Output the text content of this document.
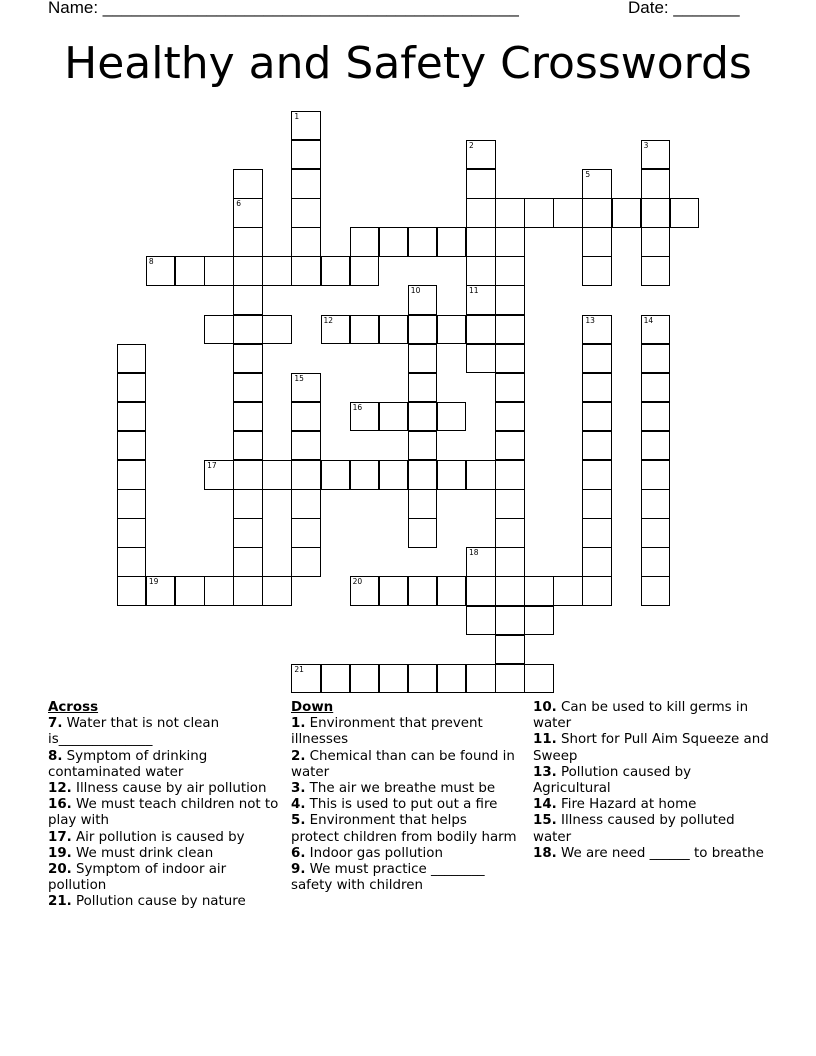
Name: ____________________________________________	Date: _______
Healthy and Safety Crosswords
1
12
19
8
6
2
11
3
10
16
5
13	14
17
15
20
18
21
Across
7. Water that is not clean is______________
8. Symptom of drinking contaminated water
12. Illness cause by air pollution
16. We must teach children not to play with
17. Air pollution is caused by
19. We must drink clean
20. Symptom of indoor air pollution
21. Pollution cause by nature
Down
1. Environment that prevent illnesses
2. Chemical than can be found in water
3. The air we breathe must be
4. This is used to put out a fire
5. Environment that helps protect children from bodily harm
6. Indoor gas pollution
9. We must practice ________ safety with children
10. Can be used to kill germs in water
11. Short for Pull Aim Squeeze and Sweep
13. Pollution caused by Agricultural
14. Fire Hazard at home
15. Illness caused by polluted water
18. We are need ______ to breathe
